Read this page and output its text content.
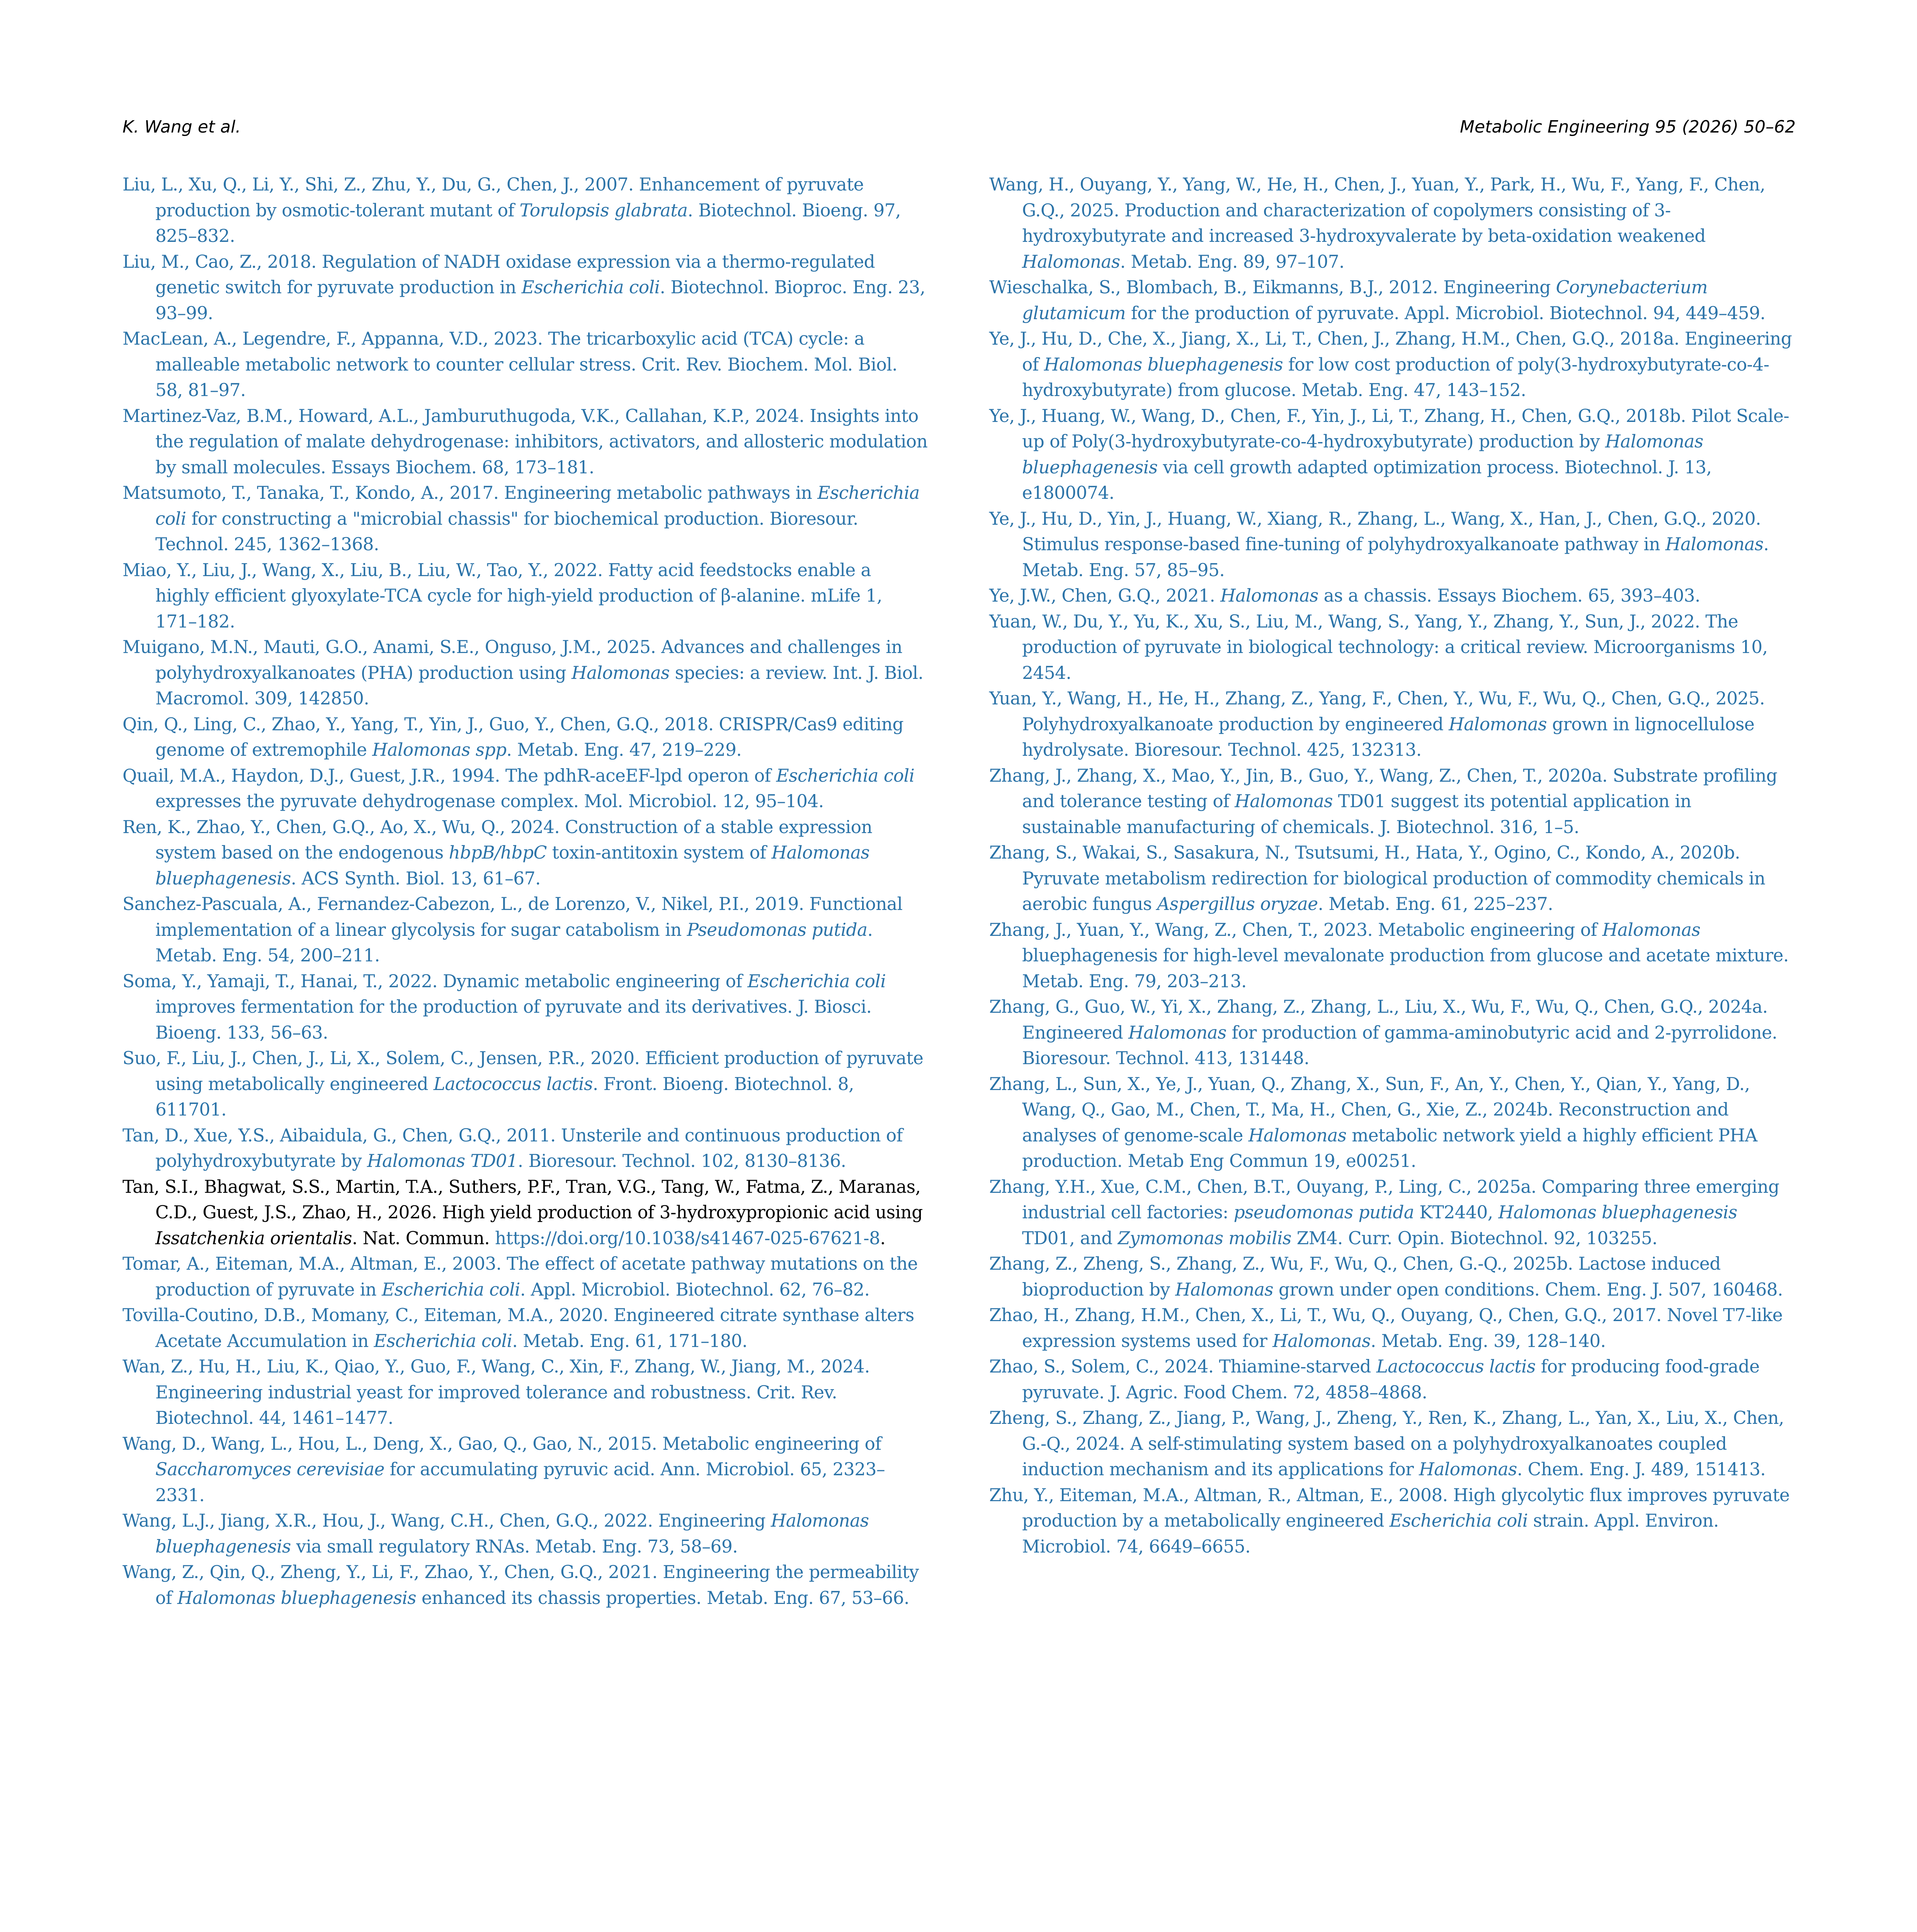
K. Wang et al.	Metabolic Engineering 95 (2026) 50–62

Liu, L., Xu, Q., Li, Y., Shi, Z., Zhu, Y., Du, G., Chen, J., 2007. Enhancement of pyruvate production by osmotic-tolerant mutant of Torulopsis glabrata. Biotechnol. Bioeng. 97, 825–832.

Liu, M., Cao, Z., 2018. Regulation of NADH oxidase expression via a thermo-regulated genetic switch for pyruvate production in Escherichia coli. Biotechnol. Bioproc. Eng. 23, 93–99.

MacLean, A., Legendre, F., Appanna, V.D., 2023. The tricarboxylic acid (TCA) cycle: a malleable metabolic network to counter cellular stress. Crit. Rev. Biochem. Mol. Biol. 58, 81–97.

Martinez-Vaz, B.M., Howard, A.L., Jamburuthugoda, V.K., Callahan, K.P., 2024. Insights into the regulation of malate dehydrogenase: inhibitors, activators, and allosteric modulation by small molecules. Essays Biochem. 68, 173–181.

Matsumoto, T., Tanaka, T., Kondo, A., 2017. Engineering metabolic pathways in Escherichia coli for constructing a "microbial chassis" for biochemical production. Bioresour. Technol. 245, 1362–1368.

Miao, Y., Liu, J., Wang, X., Liu, B., Liu, W., Tao, Y., 2022. Fatty acid feedstocks enable a highly efficient glyoxylate-TCA cycle for high-yield production of β-alanine. mLife 1, 171–182.

Muigano, M.N., Mauti, G.O., Anami, S.E., Onguso, J.M., 2025. Advances and challenges in polyhydroxyalkanoates (PHA) production using Halomonas species: a review. Int. J. Biol. Macromol. 309, 142850.

Qin, Q., Ling, C., Zhao, Y., Yang, T., Yin, J., Guo, Y., Chen, G.Q., 2018. CRISPR/Cas9 editing genome of extremophile Halomonas spp. Metab. Eng. 47, 219–229.

Quail, M.A., Haydon, D.J., Guest, J.R., 1994. The pdhR-aceEF-lpd operon of Escherichia coli expresses the pyruvate dehydrogenase complex. Mol. Microbiol. 12, 95–104.

Ren, K., Zhao, Y., Chen, G.Q., Ao, X., Wu, Q., 2024. Construction of a stable expression system based on the endogenous hbpB/hbpC toxin-antitoxin system of Halomonas bluephagenesis. ACS Synth. Biol. 13, 61–67.

Sanchez-Pascuala, A., Fernandez-Cabezon, L., de Lorenzo, V., Nikel, P.I., 2019. Functional implementation of a linear glycolysis for sugar catabolism in Pseudomonas putida. Metab. Eng. 54, 200–211.

Soma, Y., Yamaji, T., Hanai, T., 2022. Dynamic metabolic engineering of Escherichia coli improves fermentation for the production of pyruvate and its derivatives. J. Biosci. Bioeng. 133, 56–63.

Suo, F., Liu, J., Chen, J., Li, X., Solem, C., Jensen, P.R., 2020. Efficient production of pyruvate using metabolically engineered Lactococcus lactis. Front. Bioeng. Biotechnol. 8, 611701.

Tan, D., Xue, Y.S., Aibaidula, G., Chen, G.Q., 2011. Unsterile and continuous production of polyhydroxybutyrate by Halomonas TD01. Bioresour. Technol. 102, 8130–8136.

Tan, S.I., Bhagwat, S.S., Martin, T.A., Suthers, P.F., Tran, V.G., Tang, W., Fatma, Z., Maranas, C.D., Guest, J.S., Zhao, H., 2026. High yield production of 3-hydroxypropionic acid using Issatchenkia orientalis. Nat. Commun. https://doi.org/10.1038/s41467-025-67621-8.

Tomar, A., Eiteman, M.A., Altman, E., 2003. The effect of acetate pathway mutations on the production of pyruvate in Escherichia coli. Appl. Microbiol. Biotechnol. 62, 76–82.

Tovilla-Coutino, D.B., Momany, C., Eiteman, M.A., 2020. Engineered citrate synthase alters Acetate Accumulation in Escherichia coli. Metab. Eng. 61, 171–180.

Wan, Z., Hu, H., Liu, K., Qiao, Y., Guo, F., Wang, C., Xin, F., Zhang, W., Jiang, M., 2024. Engineering industrial yeast for improved tolerance and robustness. Crit. Rev. Biotechnol. 44, 1461–1477.

Wang, D., Wang, L., Hou, L., Deng, X., Gao, Q., Gao, N., 2015. Metabolic engineering of Saccharomyces cerevisiae for accumulating pyruvic acid. Ann. Microbiol. 65, 2323–2331.

Wang, L.J., Jiang, X.R., Hou, J., Wang, C.H., Chen, G.Q., 2022. Engineering Halomonas bluephagenesis via small regulatory RNAs. Metab. Eng. 73, 58–69.

Wang, Z., Qin, Q., Zheng, Y., Li, F., Zhao, Y., Chen, G.Q., 2021. Engineering the permeability of Halomonas bluephagenesis enhanced its chassis properties. Metab. Eng. 67, 53–66.

Wang, H., Ouyang, Y., Yang, W., He, H., Chen, J., Yuan, Y., Park, H., Wu, F., Yang, F., Chen, G.Q., 2025. Production and characterization of copolymers consisting of 3-hydroxybutyrate and increased 3-hydroxyvalerate by beta-oxidation weakened Halomonas. Metab. Eng. 89, 97–107.

Wieschalka, S., Blombach, B., Eikmanns, B.J., 2012. Engineering Corynebacterium glutamicum for the production of pyruvate. Appl. Microbiol. Biotechnol. 94, 449–459.

Ye, J., Hu, D., Che, X., Jiang, X., Li, T., Chen, J., Zhang, H.M., Chen, G.Q., 2018a. Engineering of Halomonas bluephagenesis for low cost production of poly(3-hydroxybutyrate-co-4-hydroxybutyrate) from glucose. Metab. Eng. 47, 143–152.

Ye, J., Huang, W., Wang, D., Chen, F., Yin, J., Li, T., Zhang, H., Chen, G.Q., 2018b. Pilot Scale-up of Poly(3-hydroxybutyrate-co-4-hydroxybutyrate) production by Halomonas bluephagenesis via cell growth adapted optimization process. Biotechnol. J. 13, e1800074.

Ye, J., Hu, D., Yin, J., Huang, W., Xiang, R., Zhang, L., Wang, X., Han, J., Chen, G.Q., 2020. Stimulus response-based fine-tuning of polyhydroxyalkanoate pathway in Halomonas. Metab. Eng. 57, 85–95.

Ye, J.W., Chen, G.Q., 2021. Halomonas as a chassis. Essays Biochem. 65, 393–403.

Yuan, W., Du, Y., Yu, K., Xu, S., Liu, M., Wang, S., Yang, Y., Zhang, Y., Sun, J., 2022. The production of pyruvate in biological technology: a critical review. Microorganisms 10, 2454.

Yuan, Y., Wang, H., He, H., Zhang, Z., Yang, F., Chen, Y., Wu, F., Wu, Q., Chen, G.Q., 2025. Polyhydroxyalkanoate production by engineered Halomonas grown in lignocellulose hydrolysate. Bioresour. Technol. 425, 132313.

Zhang, J., Zhang, X., Mao, Y., Jin, B., Guo, Y., Wang, Z., Chen, T., 2020a. Substrate profiling and tolerance testing of Halomonas TD01 suggest its potential application in sustainable manufacturing of chemicals. J. Biotechnol. 316, 1–5.

Zhang, S., Wakai, S., Sasakura, N., Tsutsumi, H., Hata, Y., Ogino, C., Kondo, A., 2020b. Pyruvate metabolism redirection for biological production of commodity chemicals in aerobic fungus Aspergillus oryzae. Metab. Eng. 61, 225–237.

Zhang, J., Yuan, Y., Wang, Z., Chen, T., 2023. Metabolic engineering of Halomonas bluephagenesis for high-level mevalonate production from glucose and acetate mixture. Metab. Eng. 79, 203–213.

Zhang, G., Guo, W., Yi, X., Zhang, Z., Zhang, L., Liu, X., Wu, F., Wu, Q., Chen, G.Q., 2024a. Engineered Halomonas for production of gamma-aminobutyric acid and 2-pyrrolidone. Bioresour. Technol. 413, 131448.

Zhang, L., Sun, X., Ye, J., Yuan, Q., Zhang, X., Sun, F., An, Y., Chen, Y., Qian, Y., Yang, D., Wang, Q., Gao, M., Chen, T., Ma, H., Chen, G., Xie, Z., 2024b. Reconstruction and analyses of genome-scale Halomonas metabolic network yield a highly efficient PHA production. Metab Eng Commun 19, e00251.

Zhang, Y.H., Xue, C.M., Chen, B.T., Ouyang, P., Ling, C., 2025a. Comparing three emerging industrial cell factories: pseudomonas putida KT2440, Halomonas bluephagenesis TD01, and Zymomonas mobilis ZM4. Curr. Opin. Biotechnol. 92, 103255.

Zhang, Z., Zheng, S., Zhang, Z., Wu, F., Wu, Q., Chen, G.-Q., 2025b. Lactose induced bioproduction by Halomonas grown under open conditions. Chem. Eng. J. 507, 160468.

Zhao, H., Zhang, H.M., Chen, X., Li, T., Wu, Q., Ouyang, Q., Chen, G.Q., 2017. Novel T7-like expression systems used for Halomonas. Metab. Eng. 39, 128–140.

Zhao, S., Solem, C., 2024. Thiamine-starved Lactococcus lactis for producing food-grade pyruvate. J. Agric. Food Chem. 72, 4858–4868.

Zheng, S., Zhang, Z., Jiang, P., Wang, J., Zheng, Y., Ren, K., Zhang, L., Yan, X., Liu, X., Chen, G.-Q., 2024. A self-stimulating system based on a polyhydroxyalkanoates coupled induction mechanism and its applications for Halomonas. Chem. Eng. J. 489, 151413.

Zhu, Y., Eiteman, M.A., Altman, R., Altman, E., 2008. High glycolytic flux improves pyruvate production by a metabolically engineered Escherichia coli strain. Appl. Environ. Microbiol. 74, 6649–6655.
